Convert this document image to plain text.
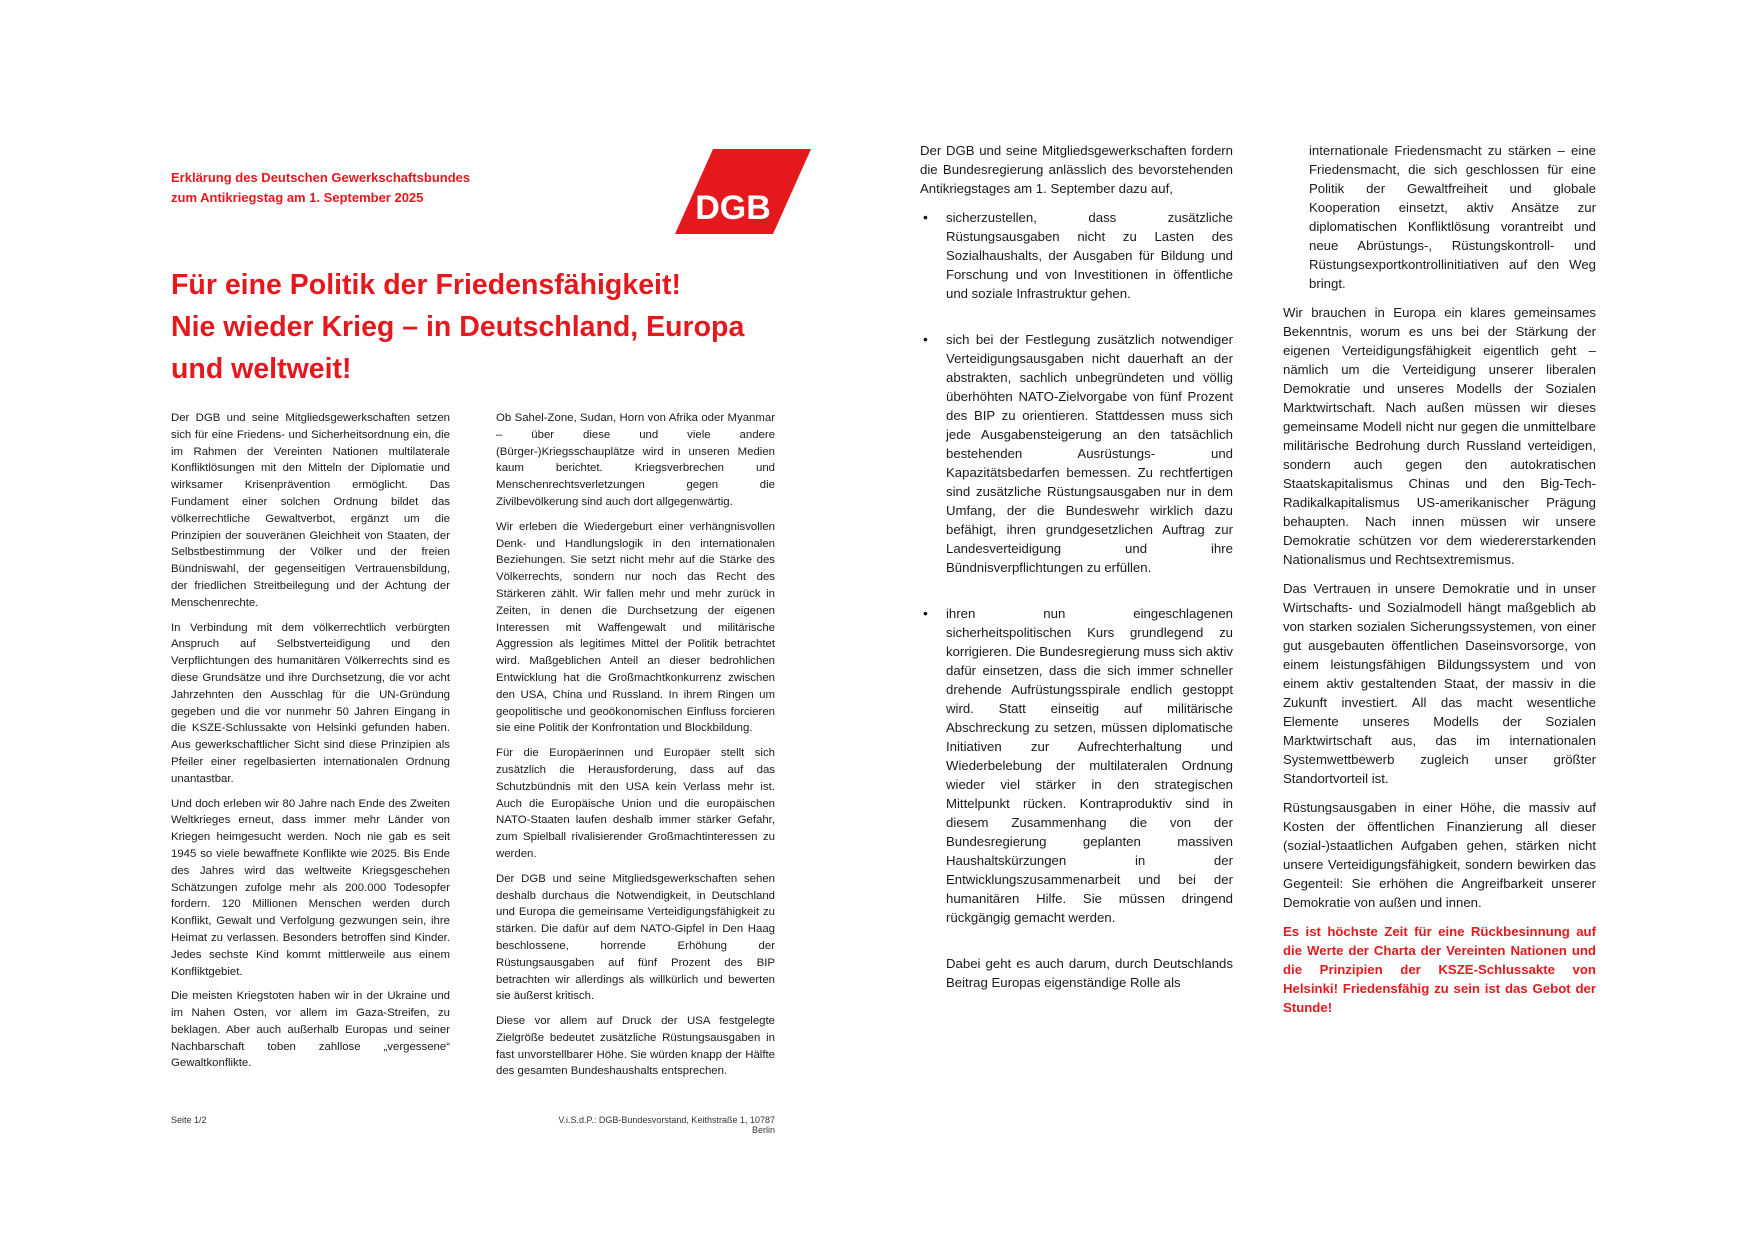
Erklärung des Deutschen Gewerkschaftsbundes
zum Antikriegstag am 1. September 2025	DGB
Für eine Politik der Friedensfähigkeit!
Nie wieder Krieg – in Deutschland, Europa
und weltweit!

Der DGB und seine Mitgliedsgewerkschaften setzen sich für eine Friedens- und Sicherheitsordnung ein, die im Rahmen der Vereinten Nationen multilaterale Konfliktlösungen mit den Mitteln der Diplomatie und wirksamer Krisenprävention ermöglicht. Das Fundament einer solchen Ordnung bildet das völkerrechtliche Gewaltverbot, ergänzt um die Prinzipien der souveränen Gleichheit von Staaten, der Selbstbestimmung der Völker und der freien Bündniswahl, der gegenseitigen Vertrauensbildung, der friedlichen Streitbeilegung und der Achtung der Menschenrechte.

In Verbindung mit dem völkerrechtlich verbürgten Anspruch auf Selbstverteidigung und den Verpflichtungen des humanitären Völkerrechts sind es diese Grundsätze und ihre Durchsetzung, die vor acht Jahrzehnten den Ausschlag für die UN-Gründung gegeben und die vor nunmehr 50 Jahren Eingang in die KSZE-Schlussakte von Helsinki gefunden haben. Aus gewerkschaftlicher Sicht sind diese Prinzipien als Pfeiler einer regelbasierten internationalen Ordnung unantastbar.

Und doch erleben wir 80 Jahre nach Ende des Zweiten Weltkrieges erneut, dass immer mehr Länder von Kriegen heimgesucht werden. Noch nie gab es seit 1945 so viele bewaffnete Konflikte wie 2025. Bis Ende des Jahres wird das weltweite Kriegsgeschehen Schätzungen zufolge mehr als 200.000 Todesopfer fordern. 120 Millionen Menschen werden durch Konflikt, Gewalt und Verfolgung gezwungen sein, ihre Heimat zu verlassen. Besonders betroffen sind Kinder. Jedes sechste Kind kommt mittlerweile aus einem Konfliktgebiet.

Die meisten Kriegstoten haben wir in der Ukraine und im Nahen Osten, vor allem im Gaza-Streifen, zu beklagen. Aber auch außerhalb Europas und seiner Nachbarschaft toben zahllose „vergessene“ Gewaltkonflikte.

Ob Sahel-Zone, Sudan, Horn von Afrika oder Myanmar – über diese und viele andere (Bürger-)Kriegsschauplätze wird in unseren Medien kaum berichtet. Kriegsverbrechen und Menschenrechtsverletzungen gegen die Zivilbevölkerung sind auch dort allgegenwärtig.

Wir erleben die Wiedergeburt einer verhängnisvollen Denk- und Handlungslogik in den internationalen Beziehungen. Sie setzt nicht mehr auf die Stärke des Völkerrechts, sondern nur noch das Recht des Stärkeren zählt. Wir fallen mehr und mehr zurück in Zeiten, in denen die Durchsetzung der eigenen Interessen mit Waffengewalt und militärische Aggression als legitimes Mittel der Politik betrachtet wird. Maßgeblichen Anteil an dieser bedrohlichen Entwicklung hat die Großmachtkonkurrenz zwischen den USA, China und Russland. In ihrem Ringen um geopolitische und geoökonomischen Einfluss forcieren sie eine Politik der Konfrontation und Blockbildung.

Für die Europäerinnen und Europäer stellt sich zusätzlich die Herausforderung, dass auf das Schutzbündnis mit den USA kein Verlass mehr ist. Auch die Europäische Union und die europäischen NATO-Staaten laufen deshalb immer stärker Gefahr, zum Spielball rivalisierender Großmachtinteressen zu werden.

Der DGB und seine Mitgliedsgewerkschaften sehen deshalb durchaus die Notwendigkeit, in Deutschland und Europa die gemeinsame Verteidigungsfähigkeit zu stärken. Die dafür auf dem NATO-Gipfel in Den Haag beschlossene, horrende Erhöhung der Rüstungsausgaben auf fünf Prozent des BIP betrachten wir allerdings als willkürlich und bewerten sie äußerst kritisch.

Diese vor allem auf Druck der USA festgelegte Zielgröße bedeutet zusätzliche Rüstungsausgaben in fast unvorstellbarer Höhe. Sie würden knapp der Hälfte des gesamten Bundeshaushalts entsprechen.

Seite 1/2	V.i.S.d.P.: DGB-Bundesvorstand, Keithstraße 1, 10787 Berlin

Der DGB und seine Mitgliedsgewerkschaften fordern die Bundesregierung anlässlich des bevorstehenden Antikriegstages am 1. September dazu auf,

• sicherzustellen, dass zusätzliche Rüstungsausgaben nicht zu Lasten des Sozialhaushalts, der Ausgaben für Bildung und Forschung und von Investitionen in öffentliche und soziale Infrastruktur gehen.
• sich bei der Festlegung zusätzlich notwendiger Verteidigungsausgaben nicht dauerhaft an der abstrakten, sachlich unbegründeten und völlig überhöhten NATO-Zielvorgabe von fünf Prozent des BIP zu orientieren. Stattdessen muss sich jede Ausgabensteigerung an den tatsächlich bestehenden Ausrüstungs- und Kapazitätsbedarfen bemessen. Zu rechtfertigen sind zusätzliche Rüstungsausgaben nur in dem Umfang, der die Bundeswehr wirklich dazu befähigt, ihren grundgesetzlichen Auftrag zur Landesverteidigung und ihre Bündnisverpflichtungen zu erfüllen.
• ihren nun eingeschlagenen sicherheitspolitischen Kurs grundlegend zu korrigieren. Die Bundesregierung muss sich aktiv dafür einsetzen, dass die sich immer schneller drehende Aufrüstungsspirale endlich gestoppt wird. Statt einseitig auf militärische Abschreckung zu setzen, müssen diplomatische Initiativen zur Aufrechterhaltung und Wiederbelebung der multilateralen Ordnung wieder viel stärker in den strategischen Mittelpunkt rücken. Kontraproduktiv sind in diesem Zusammenhang die von der Bundesregierung geplanten massiven Haushaltskürzungen in der Entwicklungszusammenarbeit und bei der humanitären Hilfe. Sie müssen dringend rückgängig gemacht werden.

Dabei geht es auch darum, durch Deutschlands Beitrag Europas eigenständige Rolle als

internationale Friedensmacht zu stärken – eine Friedensmacht, die sich geschlossen für eine Politik der Gewaltfreiheit und globale Kooperation einsetzt, aktiv Ansätze zur diplomatischen Konfliktlösung vorantreibt und neue Abrüstungs-, Rüstungskontroll- und Rüstungsexportkontrollinitiativen auf den Weg bringt.

Wir brauchen in Europa ein klares gemeinsames Bekenntnis, worum es uns bei der Stärkung der eigenen Verteidigungsfähigkeit eigentlich geht – nämlich um die Verteidigung unserer liberalen Demokratie und unseres Modells der Sozialen Marktwirtschaft. Nach außen müssen wir dieses gemeinsame Modell nicht nur gegen die unmittelbare militärische Bedrohung durch Russland verteidigen, sondern auch gegen den autokratischen Staatskapitalismus Chinas und den Big-Tech-Radikalkapitalismus US-amerikanischer Prägung behaupten. Nach innen müssen wir unsere Demokratie schützen vor dem wiedererstarkenden Nationalismus und Rechtsextremismus.

Das Vertrauen in unsere Demokratie und in unser Wirtschafts- und Sozialmodell hängt maßgeblich ab von starken sozialen Sicherungssystemen, von einer gut ausgebauten öffentlichen Daseinsvorsorge, von einem leistungsfähigen Bildungssystem und von einem aktiv gestaltenden Staat, der massiv in die Zukunft investiert. All das macht wesentliche Elemente unseres Modells der Sozialen Marktwirtschaft aus, das im internationalen Systemwettbewerb zugleich unser größter Standortvorteil ist.

Rüstungsausgaben in einer Höhe, die massiv auf Kosten der öffentlichen Finanzierung all dieser (sozial-)staatlichen Aufgaben gehen, stärken nicht unsere Verteidigungsfähigkeit, sondern bewirken das Gegenteil: Sie erhöhen die Angreifbarkeit unserer Demokratie von außen und innen.

Es ist höchste Zeit für eine Rückbesinnung auf die Werte der Charta der Vereinten Nationen und die Prinzipien der KSZE-Schlussakte von Helsinki! Friedensfähig zu sein ist das Gebot der Stunde!
